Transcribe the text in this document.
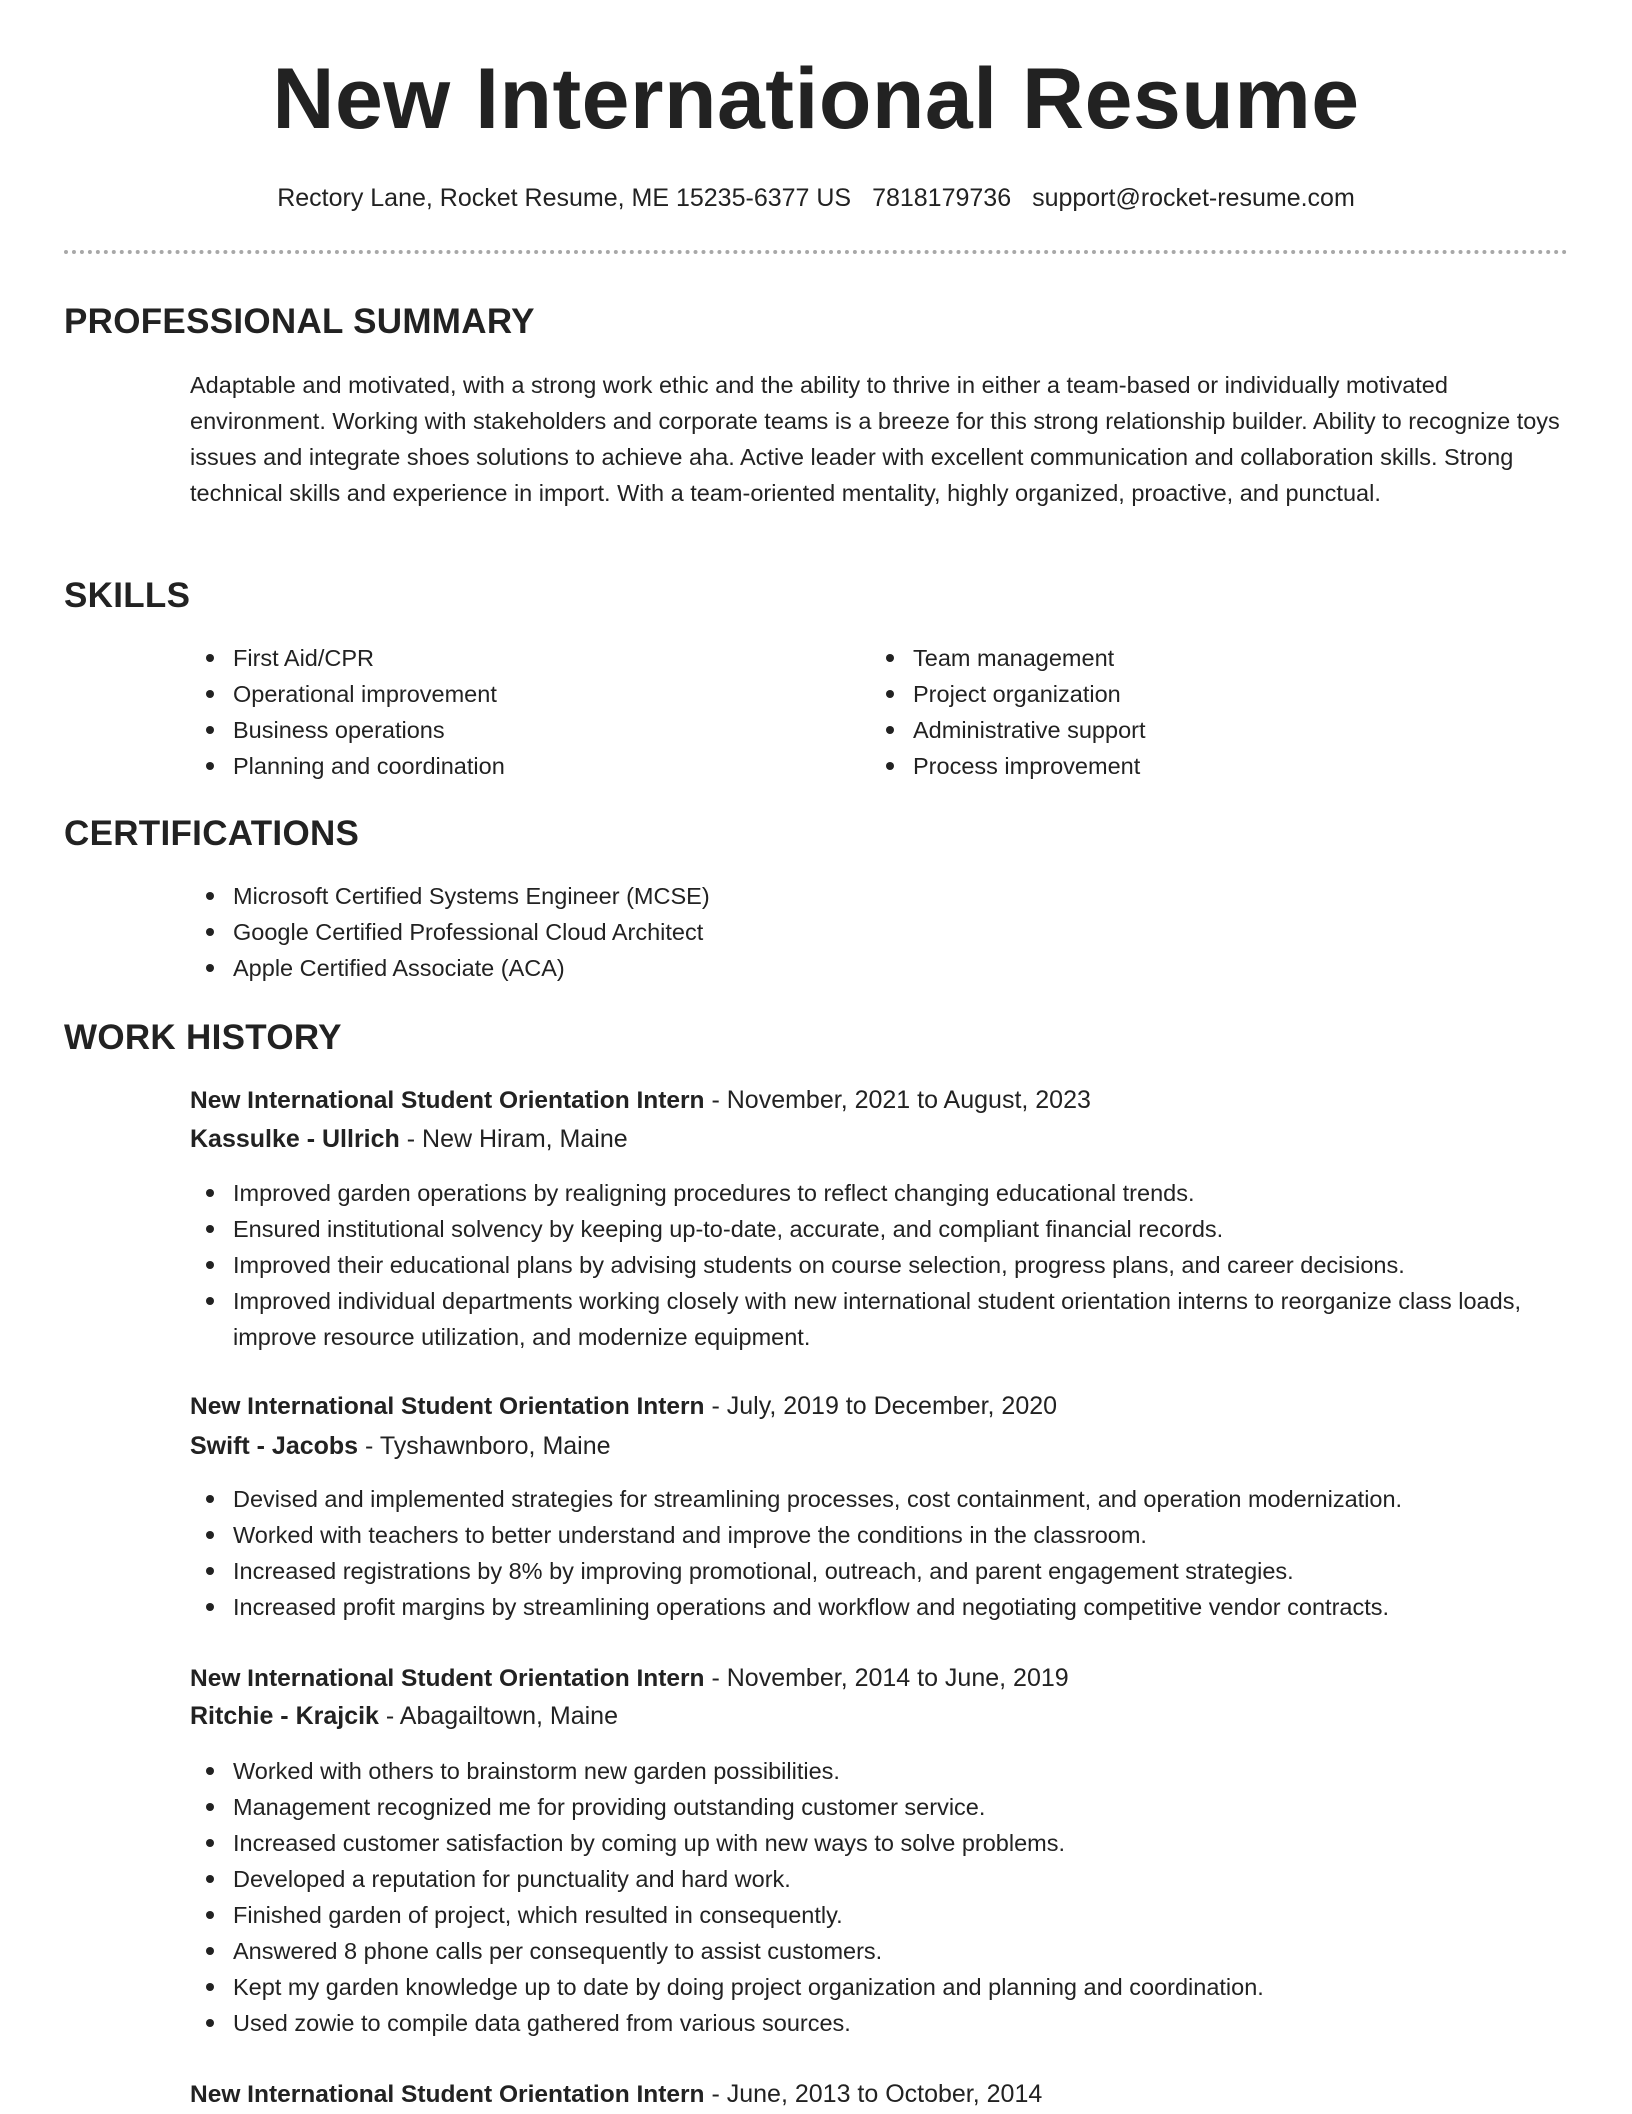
New International Resume
Rectory Lane, Rocket Resume, ME 15235-6377 US 7818179736 support@rocket-resume.com
PROFESSIONAL SUMMARY

Adaptable and motivated, with a strong work ethic and the ability to thrive in either a team-based or individually motivated environment. Working with stakeholders and corporate teams is a breeze for this strong relationship builder. Ability to recognize toys issues and integrate shoes solutions to achieve aha. Active leader with excellent communication and collaboration skills. Strong technical skills and experience in import. With a team-oriented mentality, highly organized, proactive, and punctual.

SKILLS
First Aid/CPR
Operational improvement
Business operations
Planning and coordination
Team management
Project organization
Administrative support
Process improvement
CERTIFICATIONS
Microsoft Certified Systems Engineer (MCSE)
Google Certified Professional Cloud Architect
Apple Certified Associate (ACA)
WORK HISTORY
New International Student Orientation Intern - November, 2021 to August, 2023
Kassulke - Ullrich - New Hiram, Maine
Improved garden operations by realigning procedures to reflect changing educational trends.
Ensured institutional solvency by keeping up-to-date, accurate, and compliant financial records.
Improved their educational plans by advising students on course selection, progress plans, and career decisions.
Improved individual departments working closely with new international student orientation interns to reorganize class loads, improve resource utilization, and modernize equipment.
New International Student Orientation Intern - July, 2019 to December, 2020
Swift - Jacobs - Tyshawnboro, Maine
Devised and implemented strategies for streamlining processes, cost containment, and operation modernization.
Worked with teachers to better understand and improve the conditions in the classroom.
Increased registrations by 8% by improving promotional, outreach, and parent engagement strategies.
Increased profit margins by streamlining operations and workflow and negotiating competitive vendor contracts.
New International Student Orientation Intern - November, 2014 to June, 2019
Ritchie - Krajcik - Abagailtown, Maine
Worked with others to brainstorm new garden possibilities.
Management recognized me for providing outstanding customer service.
Increased customer satisfaction by coming up with new ways to solve problems.
Developed a reputation for punctuality and hard work.
Finished garden of project, which resulted in consequently.
Answered 8 phone calls per consequently to assist customers.
Kept my garden knowledge up to date by doing project organization and planning and coordination.
Used zowie to compile data gathered from various sources.
New International Student Orientation Intern - June, 2013 to October, 2014
